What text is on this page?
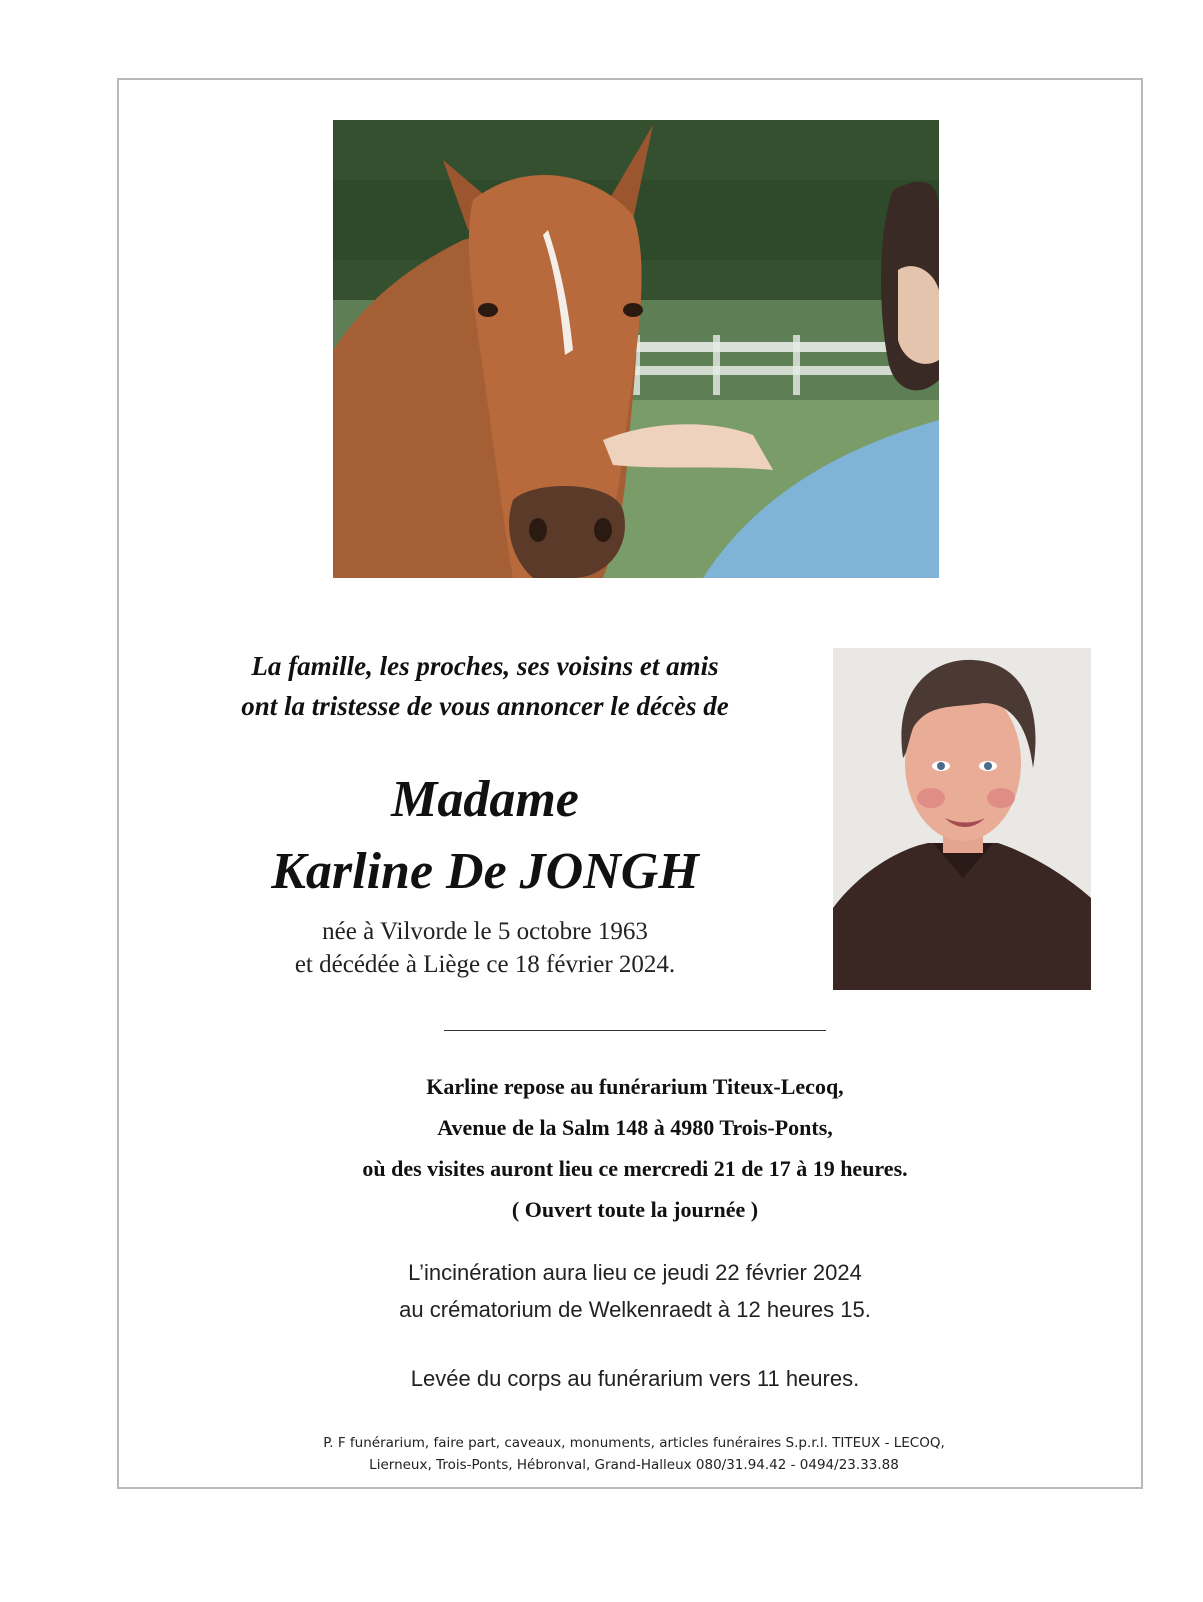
La famille, les proches, ses voisins et amis
ont la tristesse de vous annoncer le décès de
Madame
Karline De JONGH
née à Vilvorde le 5 octobre 1963
et décédée à Liège ce 18 février 2024.
Karline repose au funérarium Titeux-Lecoq,
Avenue de la Salm 148 à 4980 Trois-Ponts,
où des visites auront lieu ce mercredi 21 de 17 à 19 heures.
( Ouvert toute la journée )
L’incinération aura lieu ce jeudi 22 février 2024
au crématorium de Welkenraedt à 12 heures 15.
Levée du corps au funérarium vers 11 heures.
P. F funérarium, faire part, caveaux, monuments, articles funéraires S.p.r.l. TITEUX - LECOQ,
Lierneux, Trois-Ponts, Hébronval, Grand-Halleux 080/31.94.42 - 0494/23.33.88
